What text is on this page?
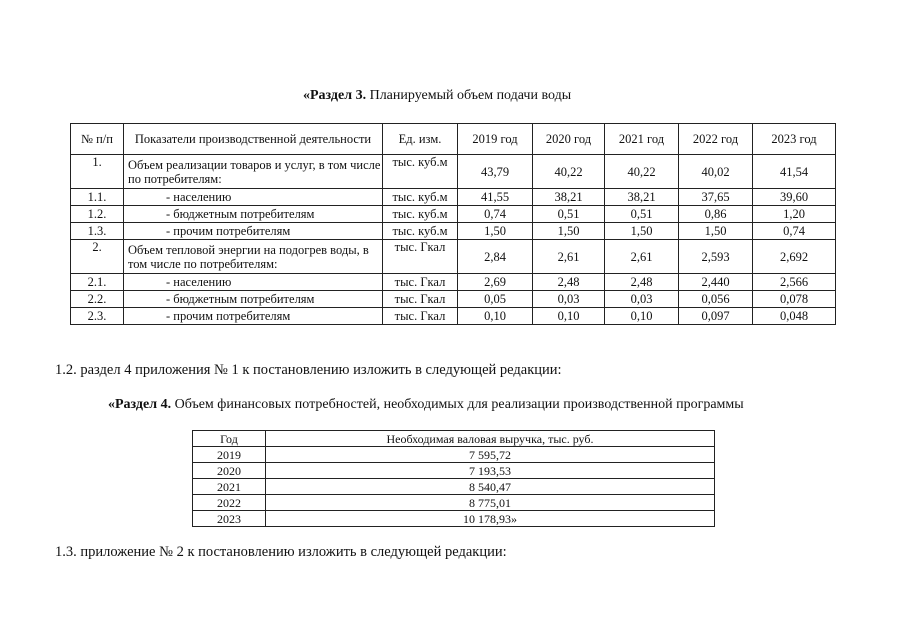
«Раздел 3. Планируемый объем подачи воды
№ п/п	Показатели производственной деятельности	Ед. изм.	2019 год	2020 год	2021 год	2022 год	2023 год
1.	Объем реализации товаров и услуг, в том числе по потребителям:	тыс. куб.м	43,79	40,22	40,22	40,02	41,54
1.1.	- населению	тыс. куб.м	41,55	38,21	38,21	37,65	39,60
1.2.	- бюджетным потребителям	тыс. куб.м	0,74	0,51	0,51	0,86	1,20
1.3.	- прочим потребителям	тыс. куб.м	1,50	1,50	1,50	1,50	0,74
2.	Объем тепловой энергии на подогрев воды, в том числе по потребителям:	тыс. Гкал	2,84	2,61	2,61	2,593	2,692
2.1.	- населению	тыс. Гкал	2,69	2,48	2,48	2,440	2,566
2.2.	- бюджетным потребителям	тыс. Гкал	0,05	0,03	0,03	0,056	0,078
2.3.	- прочим потребителям	тыс. Гкал	0,10	0,10	0,10	0,097	0,048
1.2. раздел 4 приложения № 1 к постановлению изложить в следующей редакции:
«Раздел 4. Объем финансовых потребностей, необходимых для реализации производственной программы
Год	Необходимая валовая выручка, тыс. руб.
2019	7 595,72
2020	7 193,53
2021	8 540,47
2022	8 775,01
2023	10 178,93»
1.3. приложение № 2 к постановлению изложить в следующей редакции:
